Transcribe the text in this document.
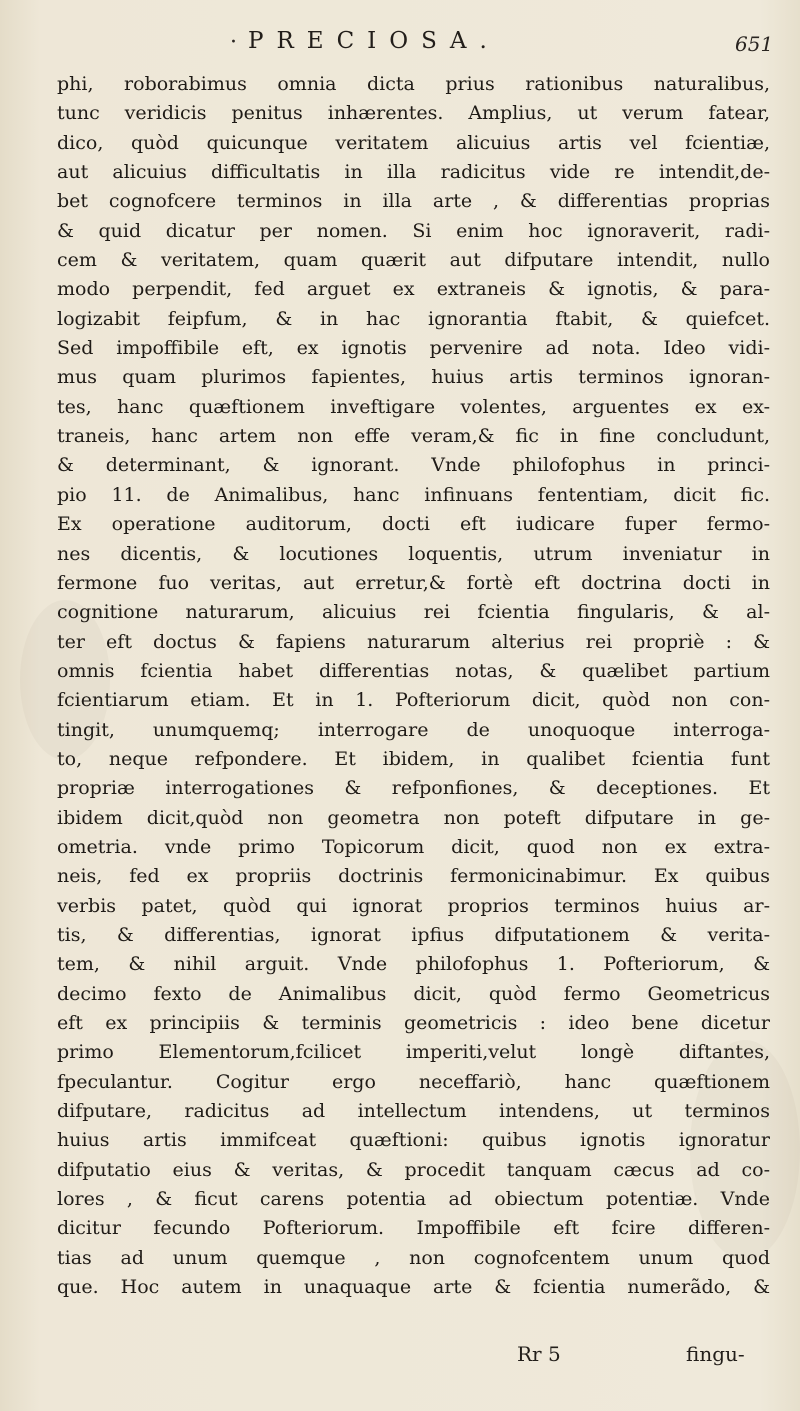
· PRECIOSA.	651
phi, roborabimus omnia dicta prius rationibus naturalibus,
tunc veridicis penitus inhærentes. Amplius, ut verum fatear,
dico, quòd quicunque veritatem alicuius artis vel fcientiæ,
aut alicuius difficultatis in illa radicitus vide re intendit,de-
bet cognofcere terminos in illa arte , & differentias proprias
& quid dicatur per nomen. Si enim hoc ignoraverit, radi-
cem & veritatem, quam quærit aut difputare intendit, nullo
modo perpendit, fed arguet ex extraneis & ignotis, & para-
logizabit feipfum, & in hac ignorantia ftabit, & quiefcet.
Sed impoffibile eft, ex ignotis pervenire ad nota. Ideo vidi-
mus quam plurimos fapientes, huius artis terminos ignoran-
tes, hanc quæftionem inveftigare volentes, arguentes ex ex-
traneis, hanc artem non effe veram,& fic in fine concludunt,
& determinant, & ignorant. Vnde philofophus in princi-
pio 11. de Animalibus, hanc infinuans fententiam, dicit fic.
Ex operatione auditorum, docti eft iudicare fuper fermo-
nes dicentis, & locutiones loquentis, utrum inveniatur in
fermone fuo veritas, aut erretur,& fortè eft doctrina docti in
cognitione naturarum, alicuius rei fcientia fingularis, & al-
ter eft doctus & fapiens naturarum alterius rei propriè : &
omnis fcientia habet differentias notas, & quælibet partium
fcientiarum etiam. Et in 1. Pofteriorum dicit, quòd non con-
tingit, unumquemq; interrogare de unoquoque interroga-
to, neque refpondere. Et ibidem, in qualibet fcientia funt
propriæ interrogationes & refponfiones, & deceptiones. Et
ibidem dicit,quòd non geometra non poteft difputare in ge-
ometria. vnde primo Topicorum dicit, quod non ex extra-
neis, fed ex propriis doctrinis fermonicinabimur. Ex quibus
verbis patet, quòd qui ignorat proprios terminos huius ar-
tis, & differentias, ignorat ipfius difputationem & verita-
tem, & nihil arguit. Vnde philofophus 1. Pofteriorum, &
decimo fexto de Animalibus dicit, quòd fermo Geometricus
eft ex principiis & terminis geometricis : ideo bene dicetur
primo Elementorum,fcilicet imperiti,velut longè diftantes,
fpeculantur. Cogitur ergo neceffariò, hanc quæftionem
difputare, radicitus ad intellectum intendens, ut terminos
huius artis immifceat quæftioni: quibus ignotis ignoratur
difputatio eius & veritas, & procedit tanquam cæcus ad co-
lores , & ficut carens potentia ad obiectum potentiæ. Vnde
dicitur fecundo Pofteriorum. Impoffibile eft fcire differen-
tias ad unum quemque , non cognofcentem unum quod
que. Hoc autem in unaquaque arte & fcientia numerãdo, &
Rr 5	fingu-
